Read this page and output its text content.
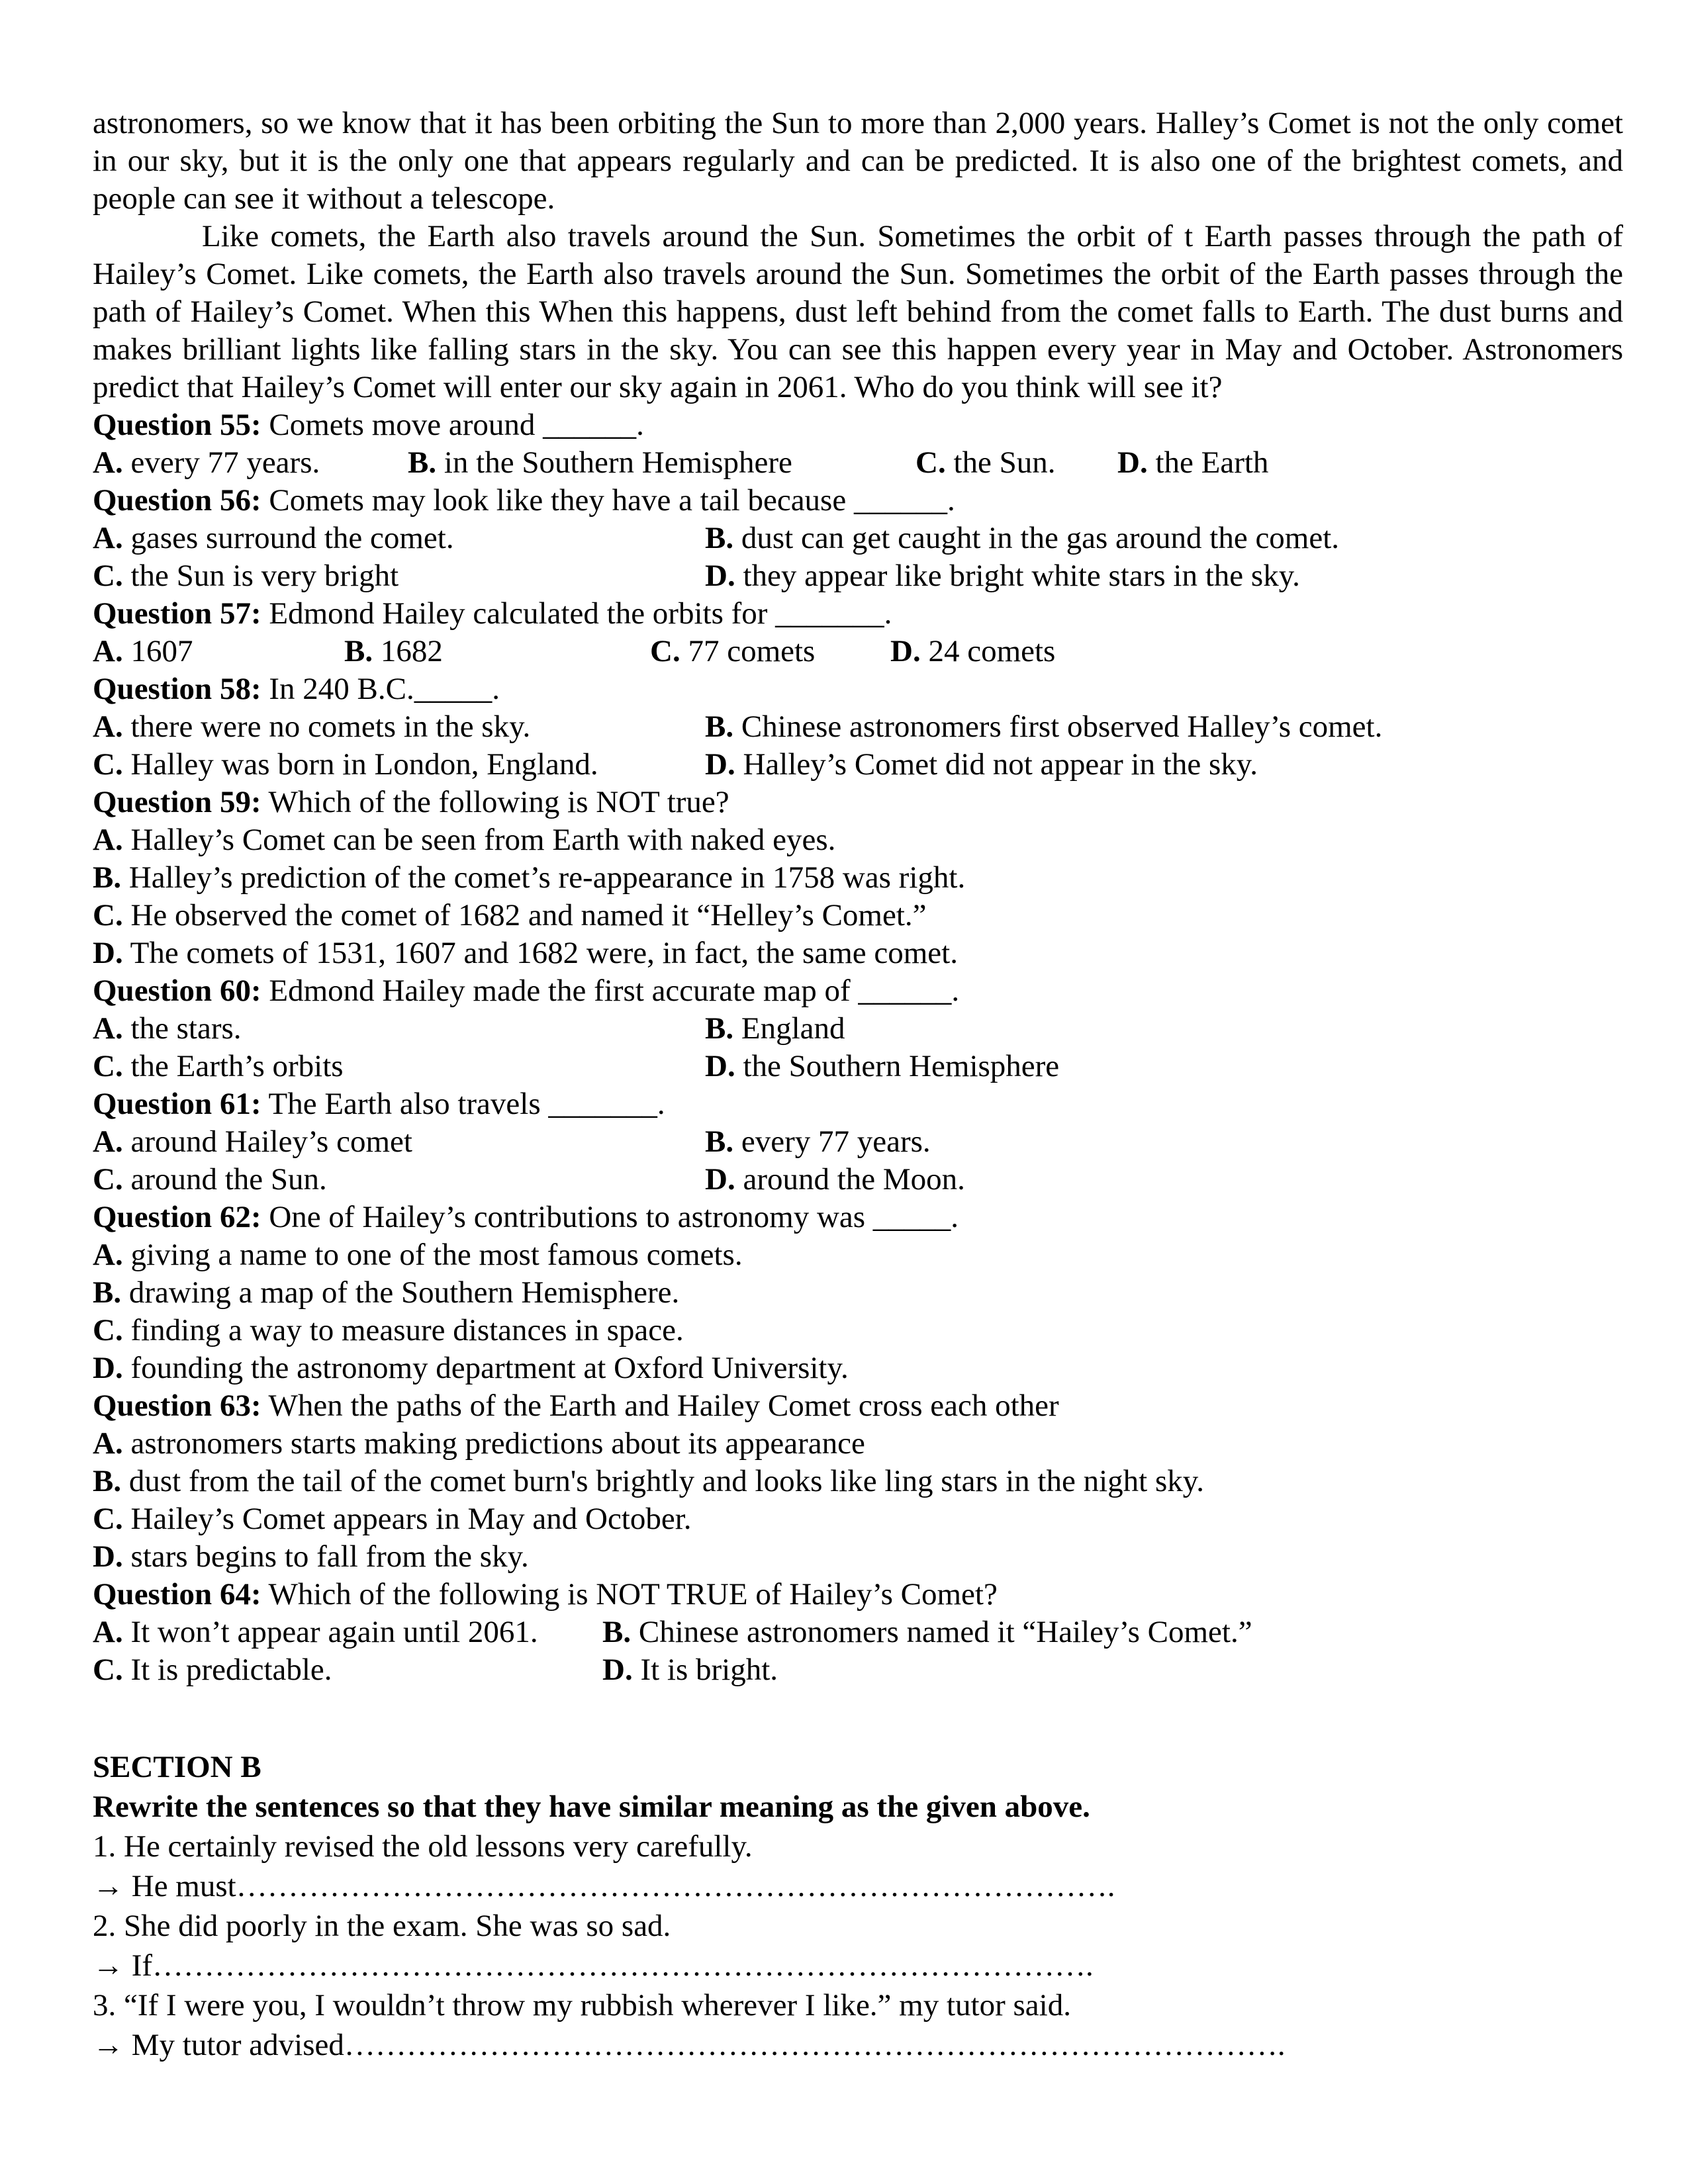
astronomers, so we know that it has been orbiting the Sun to more than 2,000 years. Halley’s Comet is not the only comet in our sky, but it is the only one that appears regularly and can be predicted. It is also one of the brightest comets, and people can see it without a telescope.

Like comets, the Earth also travels around the Sun. Sometimes the orbit of t Earth passes through the path of Hailey’s Comet. Like comets, the Earth also travels around the Sun. Sometimes the orbit of the Earth passes through the path of Hailey’s Comet. When this When this happens, dust left behind from the comet falls to Earth. The dust burns and makes brilliant lights like falling stars in the sky. You can see this happen every year in May and October. Astronomers predict that Hailey’s Comet will enter our sky again in 2061. Who do you think will see it?

Question 55: Comets move around ______.
A. every 77 years.	B. in the Southern Hemisphere	C. the Sun.	D. the Earth
Question 56: Comets may look like they have a tail because ______.
A. gases surround the comet.	B. dust can get caught in the gas around the comet.
C. the Sun is very bright	D. they appear like bright white stars in the sky.
Question 57: Edmond Hailey calculated the orbits for _______.
A. 1607	B. 1682	C. 77 comets	D. 24 comets
Question 58: In 240 B.C._____.
A. there were no comets in the sky.	B. Chinese astronomers first observed Halley’s comet.
C. Halley was born in London, England.	D. Halley’s Comet did not appear in the sky.
Question 59: Which of the following is NOT true?
A. Halley’s Comet can be seen from Earth with naked eyes.
B. Halley’s prediction of the comet’s re-appearance in 1758 was right.
C. He observed the comet of 1682 and named it “Helley’s Comet.”
D. The comets of 1531, 1607 and 1682 were, in fact, the same comet.
Question 60: Edmond Hailey made the first accurate map of ______.
A. the stars.	B. England
C. the Earth’s orbits	D. the Southern Hemisphere
Question 61: The Earth also travels _______.
A. around Hailey’s comet	B. every 77 years.
C. around the Sun.	D. around the Moon.
Question 62: One of Hailey’s contributions to astronomy was _____.
A. giving a name to one of the most famous comets.
B. drawing a map of the Southern Hemisphere.
C. finding a way to measure distances in space.
D. founding the astronomy department at Oxford University.
Question 63: When the paths of the Earth and Hailey Comet cross each other
A. astronomers starts making predictions about its appearance
B. dust from the tail of the comet burn's brightly and looks like ling stars in the night sky.
C. Hailey’s Comet appears in May and October.
D. stars begins to fall from the sky.
Question 64: Which of the following is NOT TRUE of Hailey’s Comet?
A. It won’t appear again until 2061.	B. Chinese astronomers named it “Hailey’s Comet.”
C. It is predictable.	D. It is bright.

SECTION B

Rewrite the sentences so that they have similar meaning as the given above.

1. He certainly revised the old lessons very carefully.

→ He must………………………………………………………………………….

2. She did poorly in the exam. She was so sad.

→ If……………………………………………………………………………….

3. “If I were you, I wouldn’t throw my rubbish wherever I like.” my tutor said.

→ My tutor advised……………………………………………………………………………….
